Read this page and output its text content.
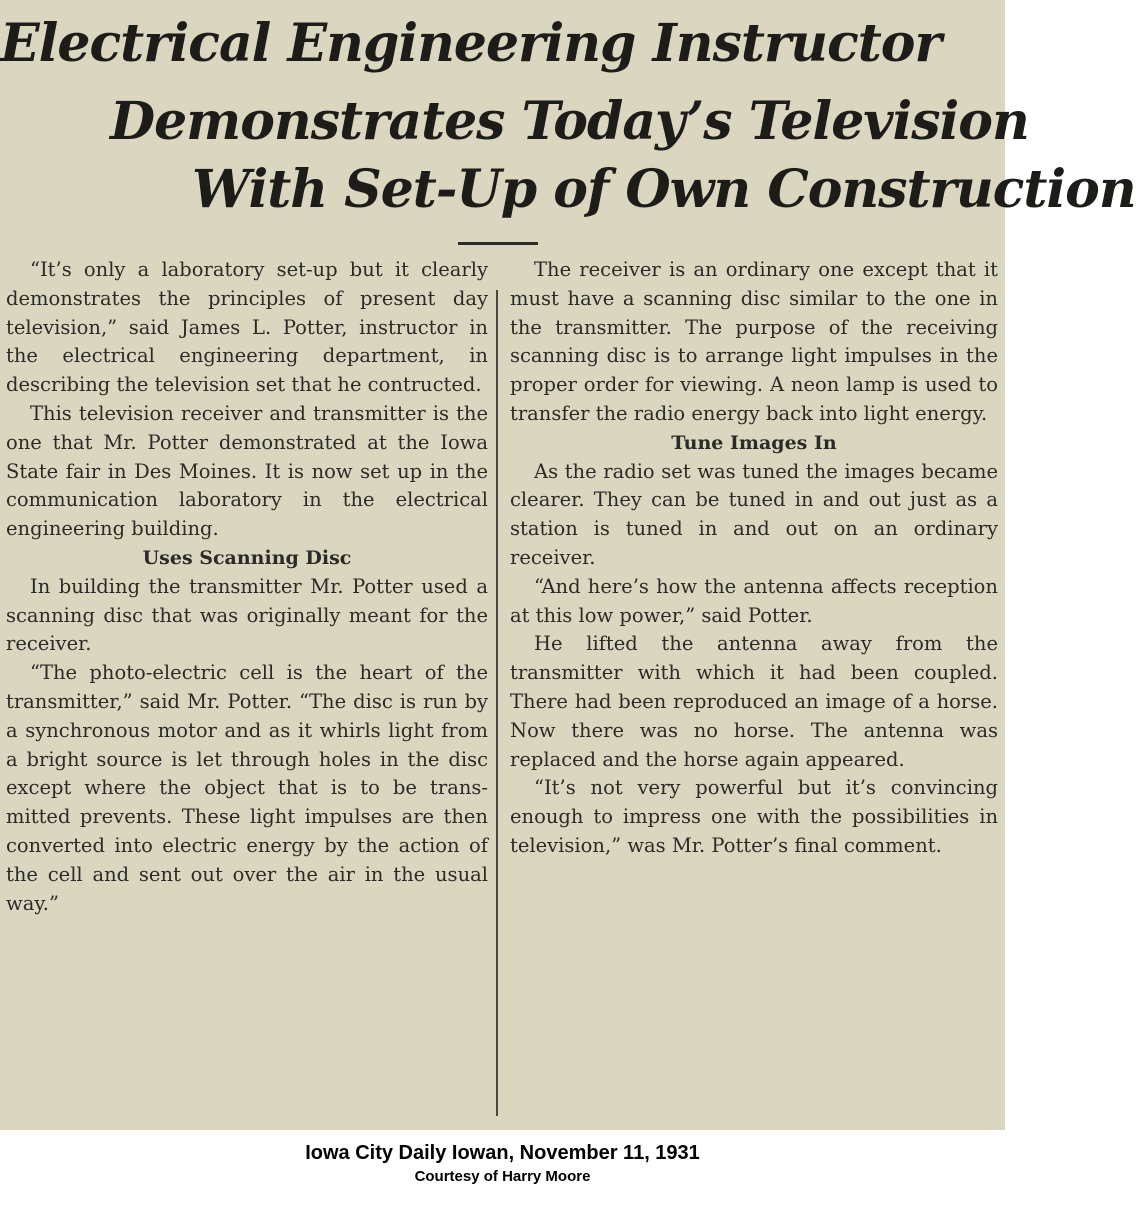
Electrical Engineering Instructor
Demonstrates Today’s Television
With Set-Up of Own Construction

“It’s only a laboratory set-up but it clearly demonstrates the principles of present day television,” said James L. Potter, instructor in the electrical engineering department, in describing the television set that he contructed.

This television receiver and transmitter is the one that Mr. Potter demonstrated at the Iowa State fair in Des Moines. It is now set up in the communication laboratory in the electrical engineering building.

Uses Scanning Disc

In building the transmitter Mr. Potter used a scanning disc that was originally meant for the receiver.

“The photo-electric cell is the heart of the transmitter,” said Mr. Potter. “The disc is run by a synchronous motor and as it whirls light from a bright source is let through holes in the disc except where the object that is to be transmitted prevents. These light impulses are then converted into electric energy by the action of the cell and sent out over the air in the usual way.”

The receiver is an ordinary one except that it must have a scanning disc similar to the one in the transmitter. The purpose of the receiving scanning disc is to arrange light impulses in the proper order for viewing. A neon lamp is used to transfer the radio energy back into light energy.

Tune Images In

As the radio set was tuned the images became clearer. They can be tuned in and out just as a station is tuned in and out on an ordinary receiver.

“And here’s how the antenna affects reception at this low power,” said Potter.

He lifted the antenna away from the transmitter with which it had been coupled. There had been reproduced an image of a horse. Now there was no horse. The antenna was replaced and the horse again appeared.

“It’s not very powerful but it’s convincing enough to impress one with the possibilities in television,” was Mr. Potter’s final comment.

Iowa City Daily Iowan, November 11, 1931
Courtesy of Harry Moore
